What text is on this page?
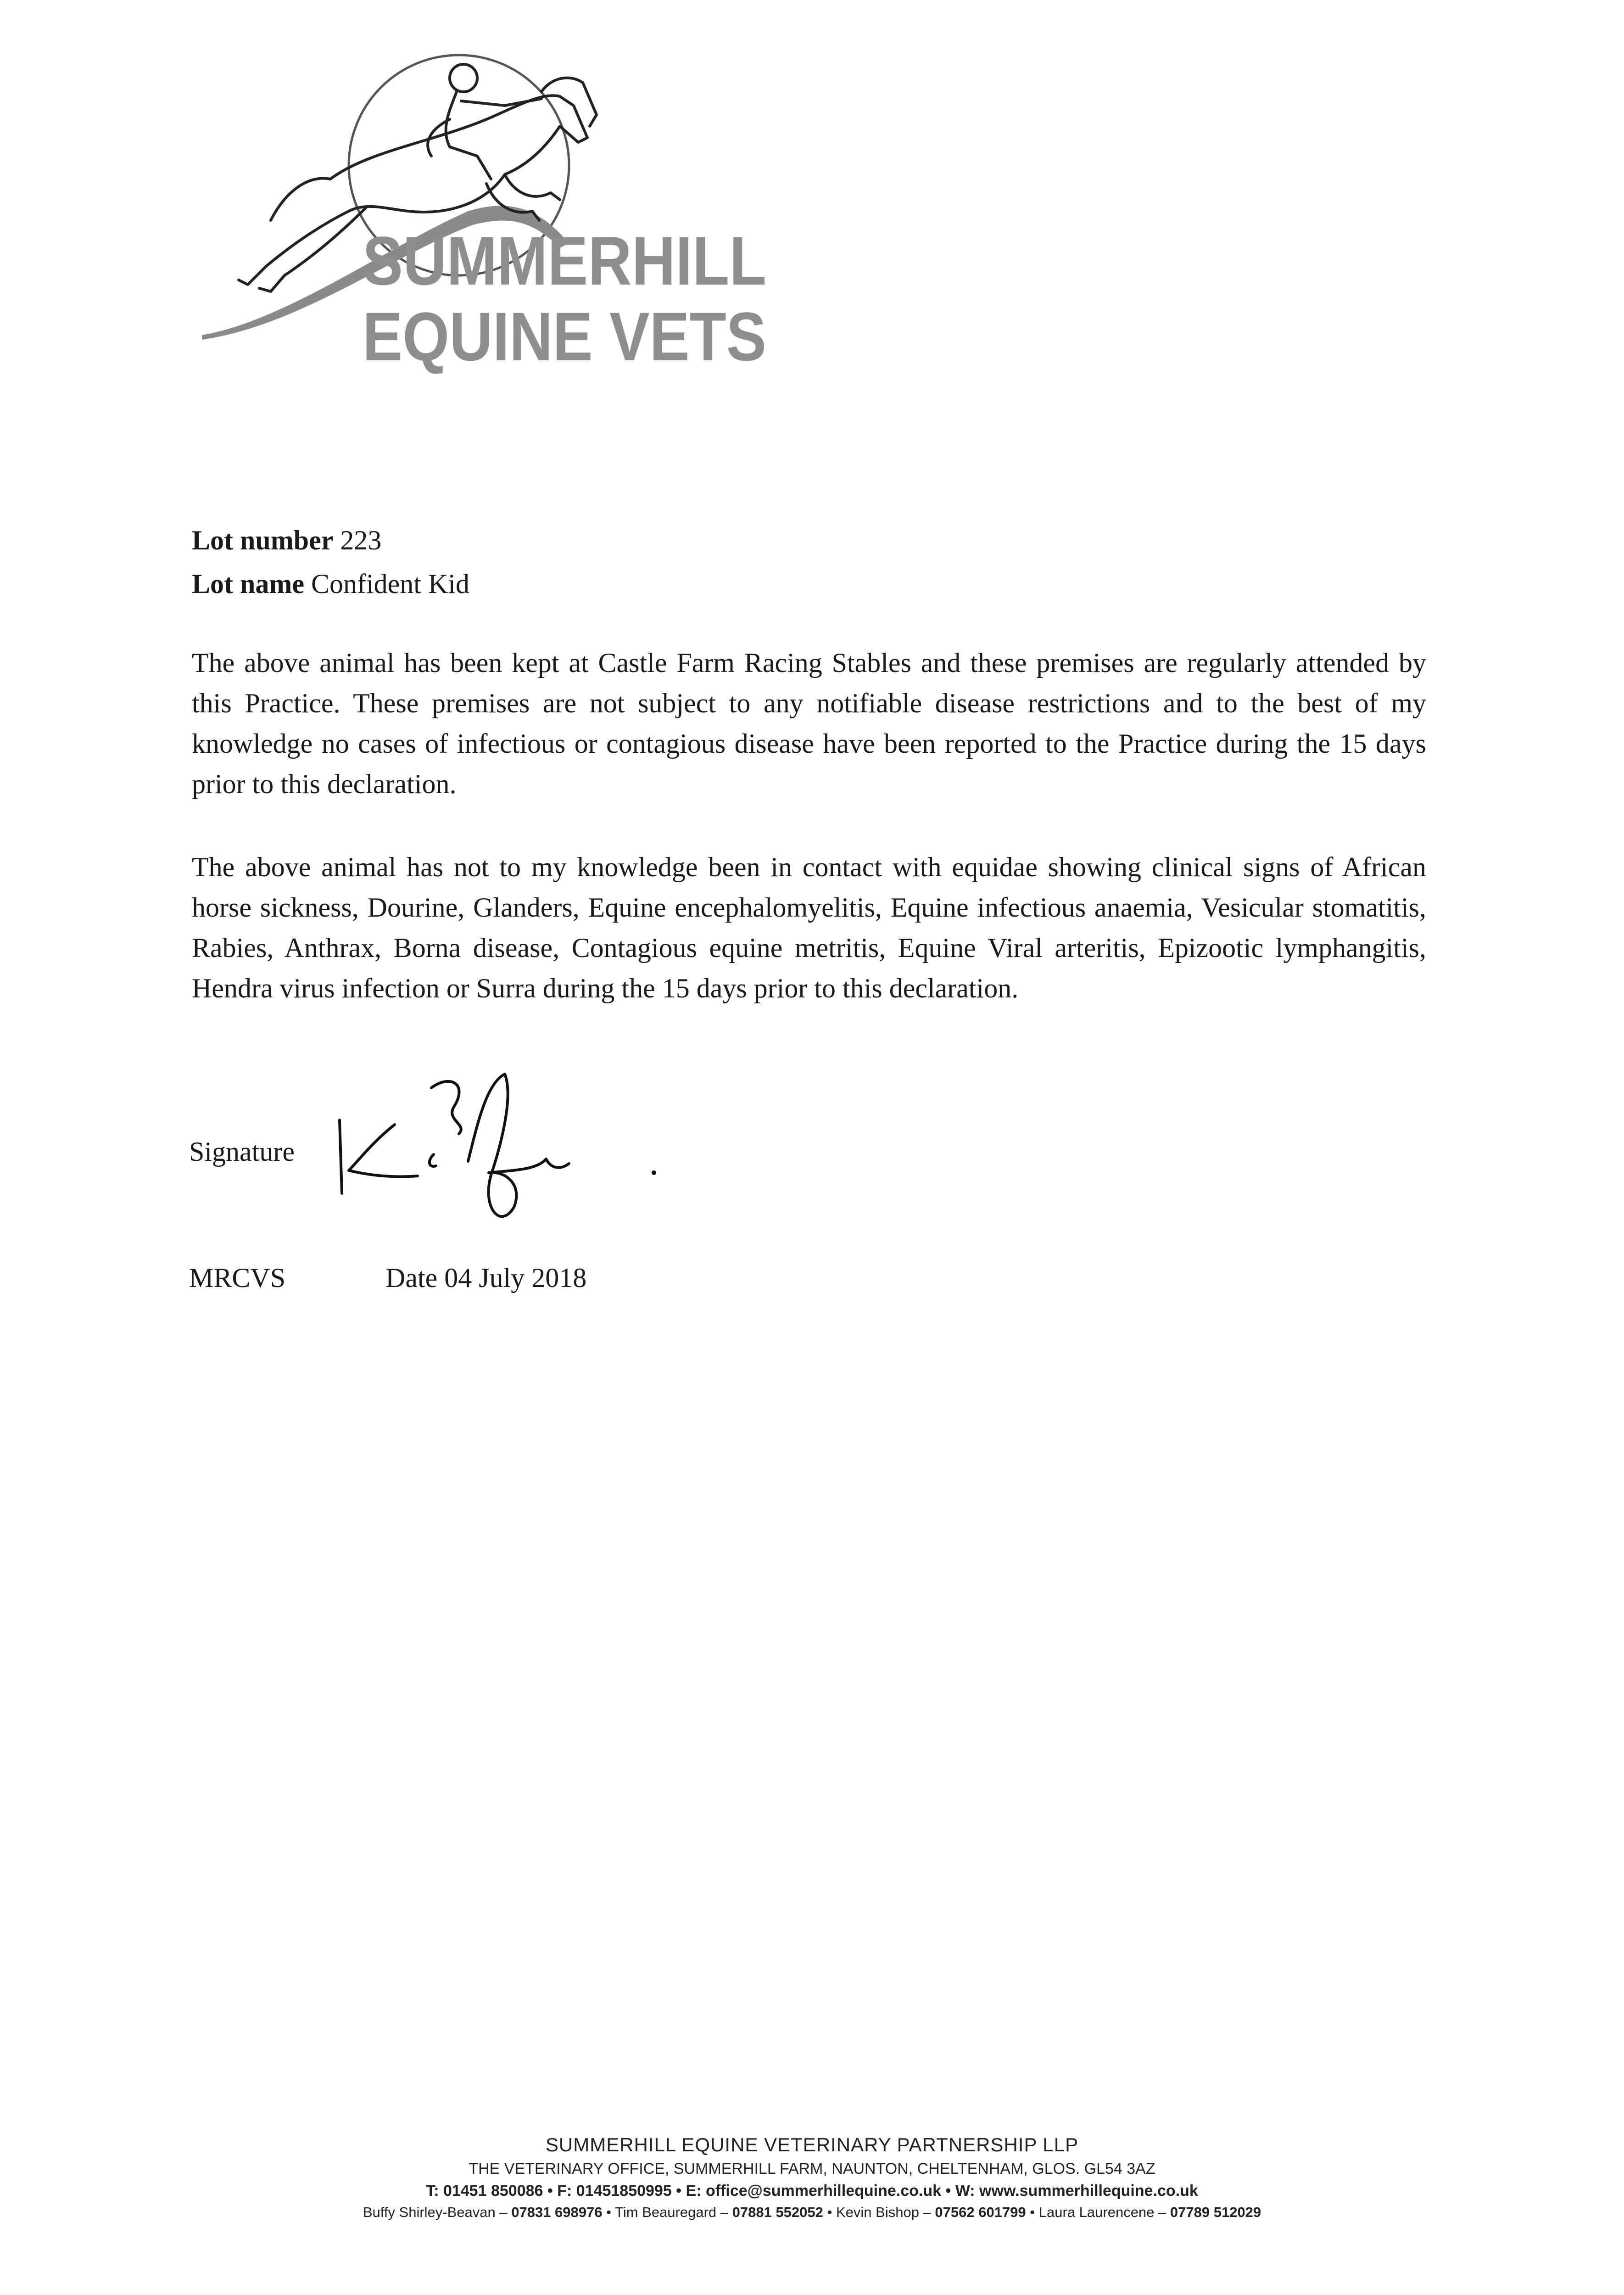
SUMMERHILL
EQUINE VETS
Lot number 223
Lot name Confident Kid
The above animal has been kept at Castle Farm Racing Stables and these premises are regularly attended by this Practice. These premises are not subject to any notifiable disease restrictions and to the best of my knowledge no cases of infectious or contagious disease have been reported to the Practice during the 15 days prior to this declaration.
The above animal has not to my knowledge been in contact with equidae showing clinical signs of African horse sickness, Dourine, Glanders, Equine encephalomyelitis, Equine infectious anaemia, Vesicular stomatitis, Rabies, Anthrax, Borna disease, Contagious equine metritis, Equine Viral arteritis, Epizootic lymphangitis, Hendra virus infection or Surra during the 15 days prior to this declaration.
Signature
MRCVS	Date 04 July 2018
SUMMERHILL EQUINE VETERINARY PARTNERSHIP LLP
THE VETERINARY OFFICE, SUMMERHILL FARM, NAUNTON, CHELTENHAM, GLOS. GL54 3AZ
T: 01451 850086 • F: 01451850995 • E: office@summerhillequine.co.uk • W: www.summerhillequine.co.uk
Buffy Shirley-Beavan – 07831 698976 • Tim Beauregard – 07881 552052 • Kevin Bishop – 07562 601799 • Laura Laurencene – 07789 512029
